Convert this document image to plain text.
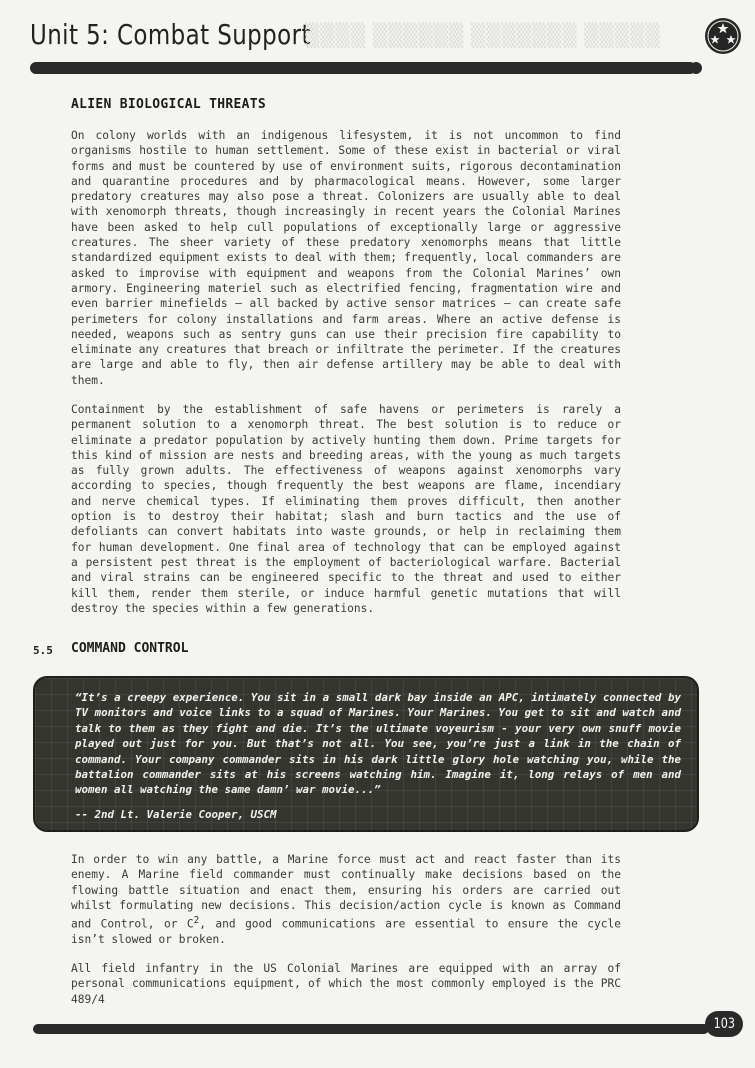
Unit 5: Combat Support
▒▒▒▒ ▒▒▒▒▒▒ ▒▒▒▒▒▒▒ ▒▒▒▒▒
ALIEN BIOLOGICAL THREATS

On colony worlds with an indigenous lifesystem, it is not uncommon to find organisms hostile to human settlement. Some of these exist in bacterial or viral forms and must be countered by use of environment suits, rigorous decontamination and quarantine procedures and by pharmacological means. However, some larger predatory creatures may also pose a threat. Colonizers are usually able to deal with xenomorph threats, though increasingly in recent years the Colonial Marines have been asked to help cull populations of exceptionally large or aggressive creatures. The sheer variety of these predatory xenomorphs means that little standardized equipment exists to deal with them; frequently, local commanders are asked to improvise with equipment and weapons from the Colonial Marines’ own armory. Engineering materiel such as electrified fencing, fragmentation wire and even barrier minefields – all backed by active sensor matrices – can create safe perimeters for colony installations and farm areas. Where an active defense is needed, weapons such as sentry guns can use their precision fire capability to eliminate any creatures that breach or infiltrate the perimeter. If the creatures are large and able to fly, then air defense artillery may be able to deal with them.

Containment by the establishment of safe havens or perimeters is rarely a permanent solution to a xenomorph threat. The best solution is to reduce or eliminate a predator population by actively hunting them down. Prime targets for this kind of mission are nests and breeding areas, with the young as much targets as fully grown adults. The effectiveness of weapons against xenomorphs vary according to species, though frequently the best weapons are flame, incendiary and nerve chemical types. If eliminating them proves difficult, then another option is to destroy their habitat; slash and burn tactics and the use of defoliants can convert habitats into waste grounds, or help in reclaiming them for human development. One final area of technology that can be employed against a persistent pest threat is the employment of bacteriological warfare. Bacterial and viral strains can be engineered specific to the threat and used to either kill them, render them sterile, or induce harmful genetic mutations that will destroy the species within a few generations.

5.5 COMMAND CONTROL

“It’s a creepy experience. You sit in a small dark bay inside an APC, intimately connected by TV monitors and voice links to a squad of Marines. Your Marines. You get to sit and watch and talk to them as they fight and die. It’s the ultimate voyeurism - your very own snuff movie played out just for you. But that’s not all. You see, you’re just a link in the chain of command. Your company commander sits in his dark little glory hole watching you, while the battalion commander sits at his screens watching him. Imagine it, long relays of men and women all watching the same damn’ war movie...”

-- 2nd Lt. Valerie Cooper, USCM

In order to win any battle, a Marine force must act and react faster than its enemy. A Marine field commander must continually make decisions based on the flowing battle situation and enact them, ensuring his orders are carried out whilst formulating new decisions. This decision/action cycle is known as Command and Control, or $C^2$, and good communications are essential to ensure the cycle isn’t slowed or broken.

All field infantry in the US Colonial Marines are equipped with an array of personal communications equipment, of which the most commonly employed is the PRC 489/4

103
